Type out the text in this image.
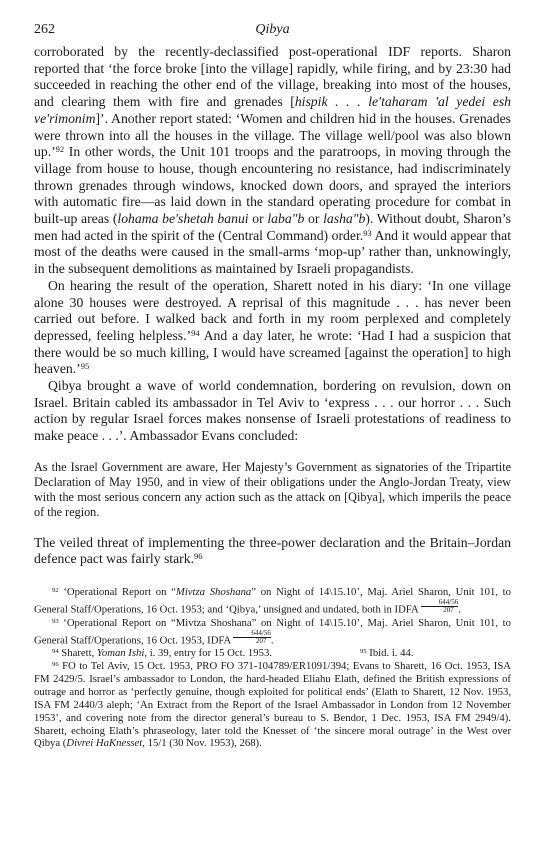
262	Qibya

corroborated by the recently-declassified post-operational IDF reports. Sharon reported that ‘the force broke [into the village] rapidly, while firing, and by 23:30 had succeeded in reaching the other end of the village, breaking into most of the houses, and clearing them with fire and grenades [hispik . . . le'taharam 'al yedei esh ve'rimonim]’. Another report stated: ‘Women and children hid in the houses. Grenades were thrown into all the houses in the village. The village well/pool was also blown up.’$^{92}$ In other words, the Unit 101 troops and the paratroops, in moving through the village from house to house, though encountering no resistance, had indiscriminately thrown grenades through windows, knocked down doors, and sprayed the interiors with automatic fire—as laid down in the standard operating procedure for combat in built-up areas (lohama be'shetah banui or laba"b or lasha"b). Without doubt, Sharon’s men had acted in the spirit of the (Central Command) order.$^{93}$ And it would appear that most of the deaths were caused in the small-arms ‘mop-up’ rather than, unknowingly, in the subsequent demolitions as maintained by Israeli propagandists.

On hearing the result of the operation, Sharett noted in his diary: ‘In one village alone 30 houses were destroyed. A reprisal of this magnitude . . . has never been carried out before. I walked back and forth in my room perplexed and completely depressed, feeling helpless.’$^{94}$ And a day later, he wrote: ‘Had I had a suspicion that there would be so much killing, I would have screamed [against the operation] to high heaven.’$^{95}$

Qibya brought a wave of world condemnation, bordering on revulsion, down on Israel. Britain cabled its ambassador in Tel Aviv to ‘express . . . our horror . . . Such action by regular Israel forces makes nonsense of Israeli protestations of readiness to make peace . . .’. Ambassador Evans concluded:

As the Israel Government are aware, Her Majesty’s Government as signatories of the Tripartite Declaration of May 1950, and in view of their obligations under the Anglo-Jordan Treaty, view with the most serious concern any action such as the attack on [Qibya], which imperils the peace of the region.

The veiled threat of implementing the three-power declaration and the Britain–Jordan defence pact was fairly stark.$^{96}$

$^{92}$ ‘Operational Report on “Mivtza Shoshana” on Night of 14\15.10’, Maj. Ariel Sharon, Unit 101, to General Staff/Operations, 16 Oct. 1953; and ‘Qibya,’ unsigned and undated, both in IDFA $\frac{644/56}{207}$ .

$^{93}$ ‘Operational Report on “Mivtza Shoshana” on Night of 14\15.10’, Maj. Ariel Sharon, Unit 101, to General Staff/Operations, 16 Oct. 1953, IDFA $\frac{644/56}{207}$ .

$^{94}$ Sharett, Yoman Ishi, i. 39, entry for 15 Oct. 1953.	$^{95}$ Ibid. i. 44.

$^{96}$ FO to Tel Aviv, 15 Oct. 1953, PRO FO 371-104789/ER1091/394; Evans to Sharett, 16 Oct. 1953, ISA FM 2429/5. Israel’s ambassador to London, the hard-headed Eliahu Elath, defined the British expressions of outrage and horror as ‘perfectly genuine, though exploited for political ends’ (Elath to Sharett, 12 Nov. 1953, ISA FM 2440/3 aleph; ‘An Extract from the Report of the Israel Ambassador in London from 12 November 1953’, and covering note from the director general’s bureau to S. Bendor, 1 Dec. 1953, ISA FM 2949/4). Sharett, echoing Elath’s phraseology, later told the Knesset of ‘the sincere moral outrage’ in the West over Qibya (Divrei HaKnesset, 15/1 (30 Nov. 1953), 268).
